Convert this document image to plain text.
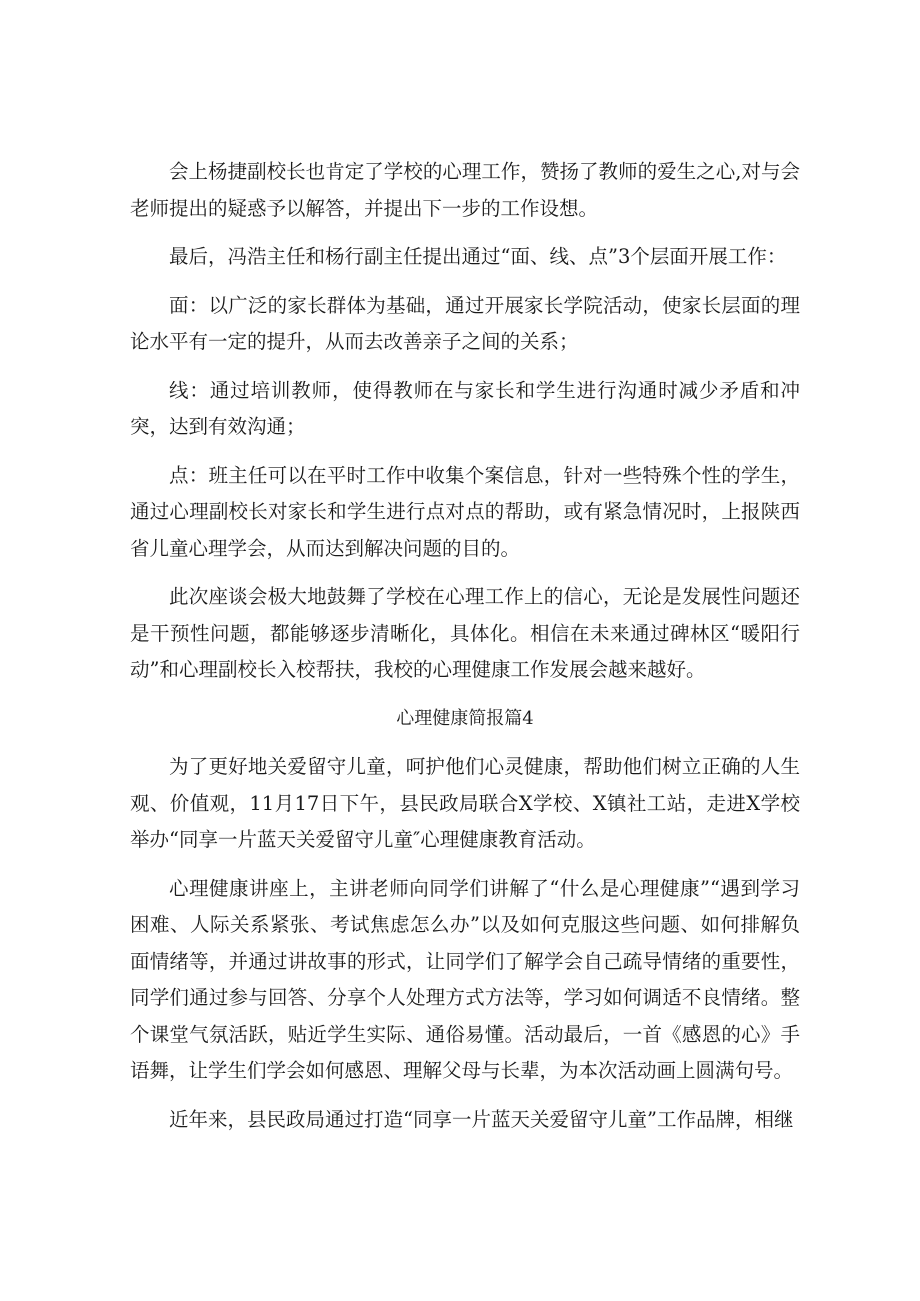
会上杨捷副校长也肯定了学校的心理工作，赞扬了教师的爱生之心,对与会老师提出的疑惑予以解答，并提出下一步的工作设想。

最后，冯浩主任和杨行副主任提出通过“面、线、点”3个层面开展工作：

面：以广泛的家长群体为基础，通过开展家长学院活动，使家长层面的理论水平有一定的提升，从而去改善亲子之间的关系；

线：通过培训教师，使得教师在与家长和学生进行沟通时减少矛盾和冲突，达到有效沟通；

点：班主任可以在平时工作中收集个案信息，针对一些特殊个性的学生，通过心理副校长对家长和学生进行点对点的帮助，或有紧急情况时，上报陕西省儿童心理学会，从而达到解决问题的目的。

此次座谈会极大地鼓舞了学校在心理工作上的信心，无论是发展性问题还是干预性问题，都能够逐步清晰化，具体化。相信在未来通过碑林区“暖阳行动”和心理副校长入校帮扶，我校的心理健康工作发展会越来越好。

心理健康简报篇4

为了更好地关爱留守儿童，呵护他们心灵健康，帮助他们树立正确的人生观、价值观，11月17日下午，县民政局联合X学校、X镇社工站，走进X学校举办“同享一片蓝天关爱留守儿童″心理健康教育活动。

心理健康讲座上，主讲老师向同学们讲解了“什么是心理健康”“遇到学习困难、人际关系紧张、考试焦虑怎么办”以及如何克服这些问题、如何排解负面情绪等，并通过讲故事的形式，让同学们了解学会自己疏导情绪的重要性，同学们通过参与回答、分享个人处理方式方法等，学习如何调适不良情绪。整个课堂气氛活跃，贴近学生实际、通俗易懂。活动最后，一首《感恩的心》手语舞，让学生们学会如何感恩、理解父母与长辈，为本次活动画上圆满句号。

近年来，县民政局通过打造“同享一片蓝天关爱留守儿童”工作品牌，相继
